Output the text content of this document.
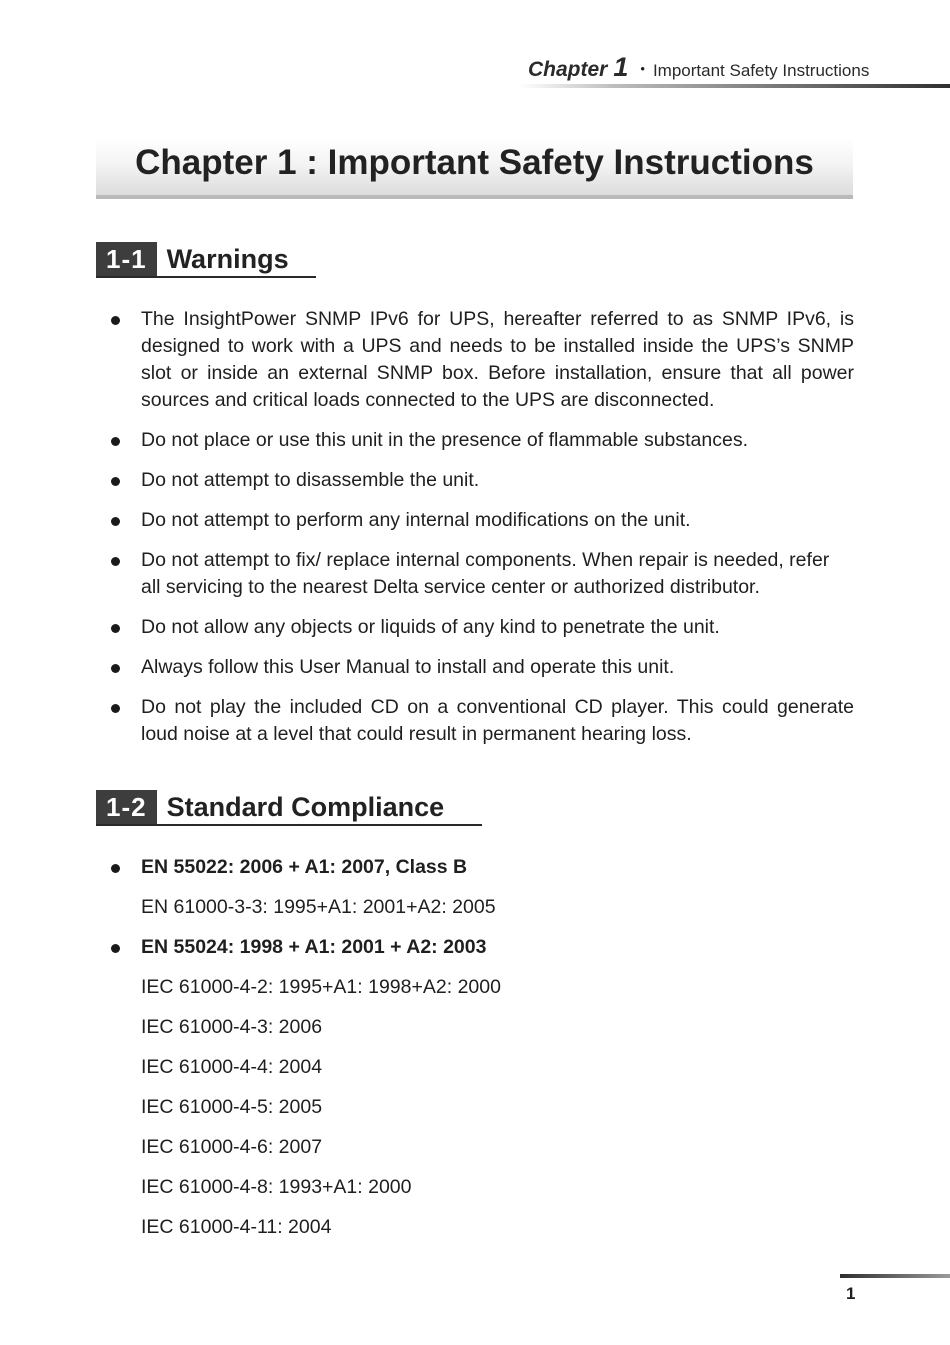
Chapter 1 • Important Safety Instructions
Chapter 1 : Important Safety Instructions
1-1 Warnings
The InsightPower SNMP IPv6 for UPS, hereafter referred to as SNMP IPv6, is designed to work with a UPS and needs to be installed inside the UPS’s SNMP slot or inside an external SNMP box. Before installation, ensure that all power sources and critical loads connected to the UPS are disconnected.
Do not place or use this unit in the presence of flammable substances.
Do not attempt to disassemble the unit.
Do not attempt to perform any internal modifications on the unit.
Do not attempt to fix/ replace internal components. When repair is needed, refer all servicing to the nearest Delta service center or authorized distributor.
Do not allow any objects or liquids of any kind to penetrate the unit.
Always follow this User Manual to install and operate this unit.
Do not play the included CD on a conventional CD player. This could generate loud noise at a level that could result in permanent hearing loss.
1-2 Standard Compliance
EN 55022: 2006 + A1: 2007, Class B
EN 61000-3-3: 1995+A1: 2001+A2: 2005
EN 55024: 1998 + A1: 2001 + A2: 2003
IEC 61000-4-2: 1995+A1: 1998+A2: 2000
IEC 61000-4-3: 2006
IEC 61000-4-4: 2004
IEC 61000-4-5: 2005
IEC 61000-4-6: 2007
IEC 61000-4-8: 1993+A1: 2000
IEC 61000-4-11: 2004
1
